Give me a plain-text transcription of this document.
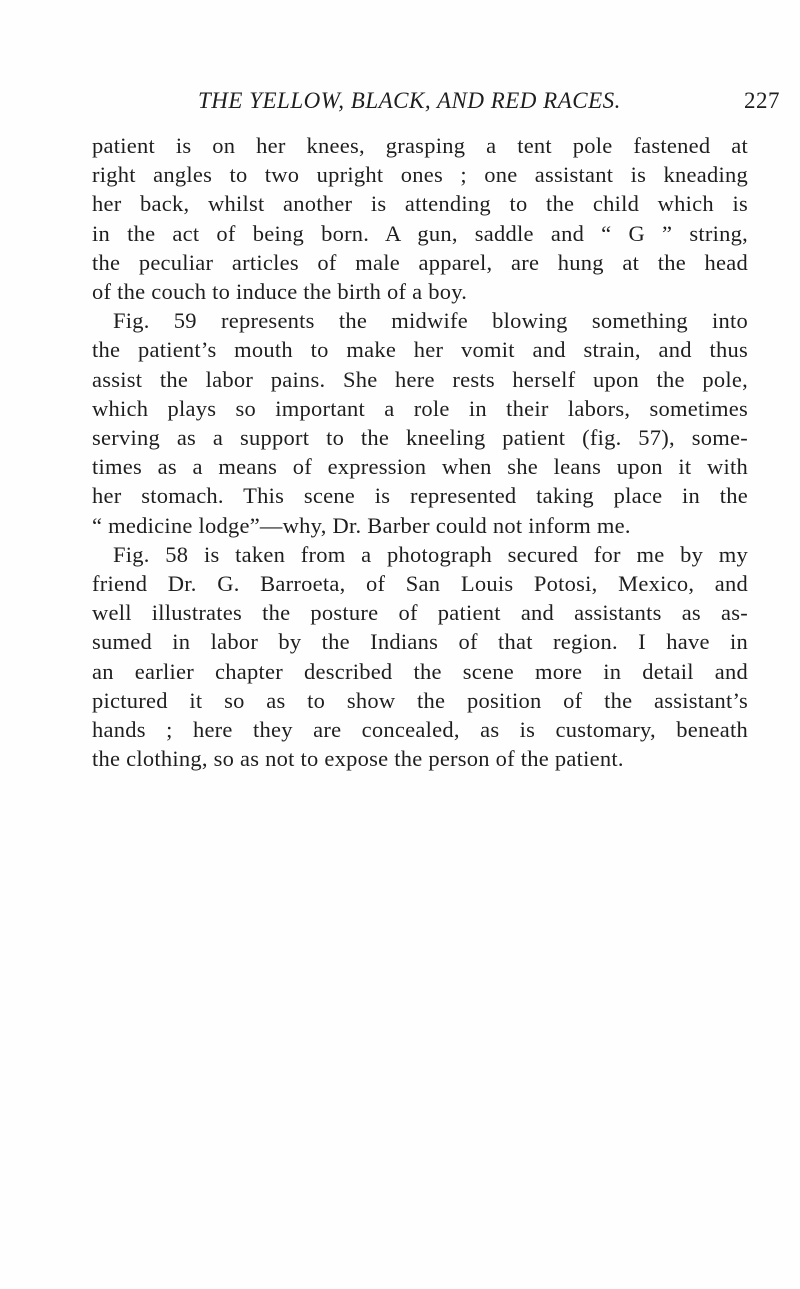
THE YELLOW, BLACK, AND RED RACES.	227
patient is on her knees, grasping a tent pole fastened at
right angles to two upright ones ; one assistant is kneading
her back, whilst another is attending to the child which is
in the act of being born. A gun, saddle and “ G ” string,
the peculiar articles of male apparel, are hung at the head
of the couch to induce the birth of a boy.
Fig. 59 represents the midwife blowing something into
the patient’s mouth to make her vomit and strain, and thus
assist the labor pains. She here rests herself upon the pole,
which plays so important a role in their labors, sometimes
serving as a support to the kneeling patient (fig. 57), some-
times as a means of expression when she leans upon it with
her stomach. This scene is represented taking place in the
“ medicine lodge”—why, Dr. Barber could not inform me.
Fig. 58 is taken from a photograph secured for me by my
friend Dr. G. Barroeta, of San Louis Potosi, Mexico, and
well illustrates the posture of patient and assistants as as-
sumed in labor by the Indians of that region. I have in
an earlier chapter described the scene more in detail and
pictured it so as to show the position of the assistant’s
hands ; here they are concealed, as is customary, beneath
the clothing, so as not to expose the person of the patient.
